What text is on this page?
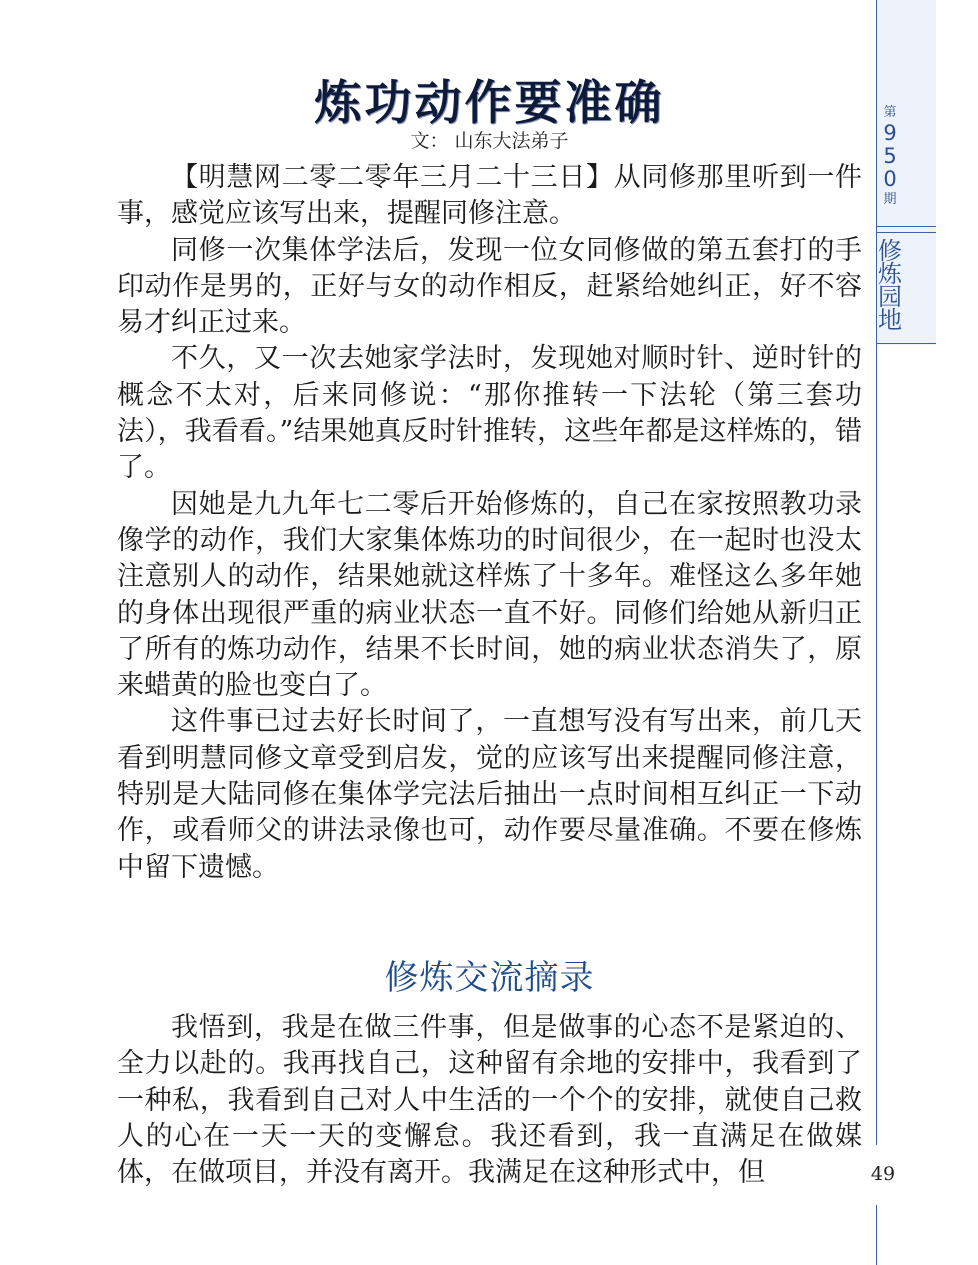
第
9
5
0
期
修
炼
园
地
炼功动作要准确
文： 山东大法弟子

【明慧网二零二零年三月二十三日】从同修那里听到一件事，感觉应该写出来，提醒同修注意。

同修一次集体学法后，发现一位女同修做的第五套打的手印动作是男的，正好与女的动作相反，赶紧给她纠正，好不容易才纠正过来。

不久，又一次去她家学法时，发现她对顺时针、逆时针的概念不太对，后来同修说：“那你推转一下法轮（第三套功法），我看看。”结果她真反时针推转，这些年都是这样炼的，错了。

因她是九九年七二零后开始修炼的，自己在家按照教功录像学的动作，我们大家集体炼功的时间很少，在一起时也没太注意别人的动作，结果她就这样炼了十多年。难怪这么多年她的身体出现很严重的病业状态一直不好。同修们给她从新归正了所有的炼功动作，结果不长时间，她的病业状态消失了，原来蜡黄的脸也变白了。

这件事已过去好长时间了，一直想写没有写出来，前几天看到明慧同修文章受到启发，觉的应该写出来提醒同修注意，特别是大陆同修在集体学完法后抽出一点时间相互纠正一下动作，或看师父的讲法录像也可，动作要尽量准确。不要在修炼中留下遗憾。

修炼交流摘录

我悟到，我是在做三件事，但是做事的心态不是紧迫的、全力以赴的。我再找自己，这种留有余地的安排中，我看到了一种私，我看到自己对人中生活的一个个的安排，就使自己救人的心在一天一天的变懈怠。我还看到，我一直满足在做媒体，在做项目，并没有离开。我满足在这种形式中，但	49
